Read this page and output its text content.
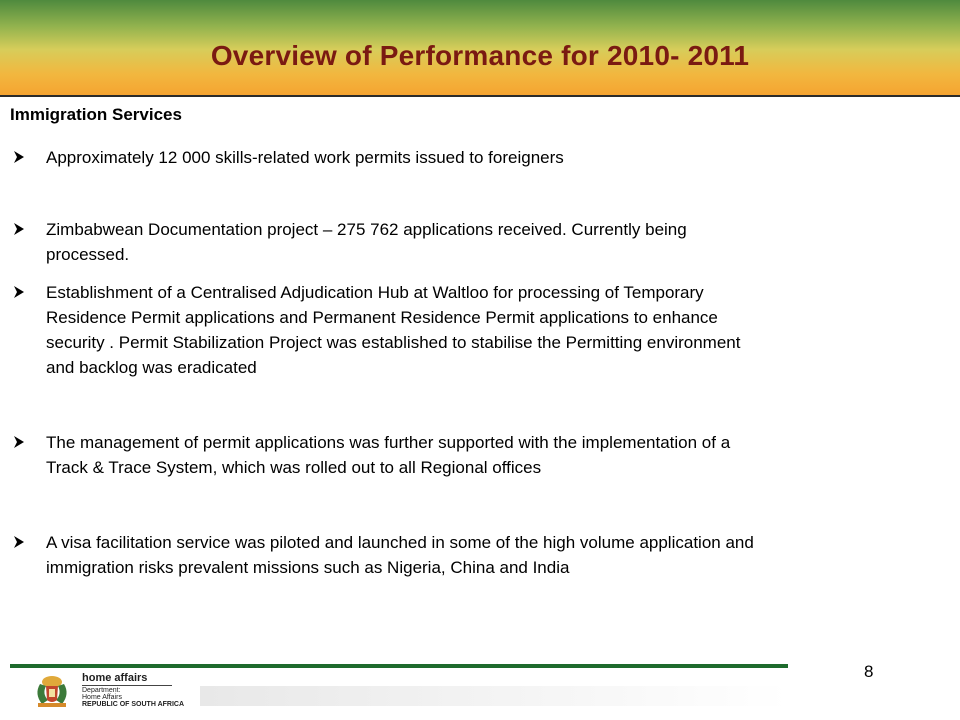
Overview of Performance for 2010- 2011
Immigration Services
Approximately 12 000 skills-related work permits issued to foreigners
Zimbabwean Documentation project – 275 762 applications received. Currently being
processed.
Establishment of a Centralised Adjudication Hub at Waltloo for processing of Temporary
Residence Permit applications and Permanent Residence Permit applications to enhance
security . Permit Stabilization Project was established to stabilise the Permitting environment
and backlog was eradicated
The management of permit applications was further supported with the implementation of a
Track & Trace System, which was rolled out to all Regional offices
A visa facilitation service was piloted and launched in some of the high volume application and
immigration risks prevalent missions such as Nigeria, China and India
home affairs
Department:
Home Affairs
REPUBLIC OF SOUTH AFRICA
8
